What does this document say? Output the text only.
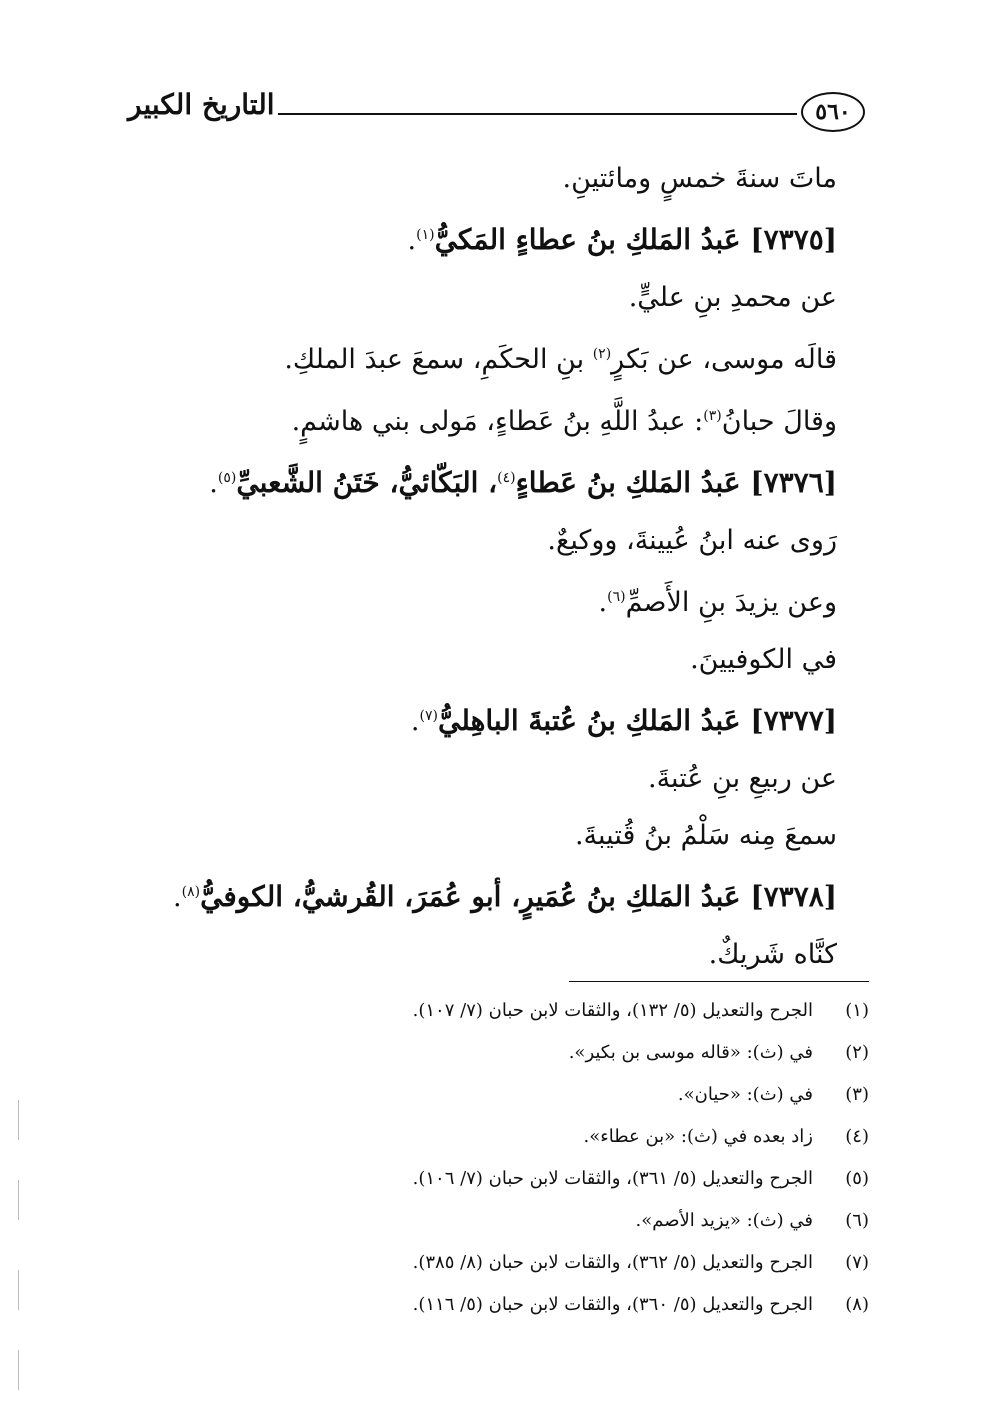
٥٦٠
التاريخ الكبير
ماتَ سنةَ خمسٍ ومائتينِ.
[٧٣٧٥] عَبدُ المَلكِ بنُ عطاءٍ المَكيُّ$^{(١)}$.
عن محمدِ بنِ عليٍّ.
قالَه موسى، عن بَكرٍ$^{(٢)}$ بنِ الحكَمِ، سمعَ عبدَ الملكِ.
وقالَ حبانُ$^{(٣)}$: عبدُ اللَّهِ بنُ عَطاءٍ، مَولى بني هاشمٍ.
[٧٣٧٦] عَبدُ المَلكِ بنُ عَطاءٍ$^{(٤)}$، البَكّائيُّ، خَتَنُ الشَّعبيِّ$^{(٥)}$.
رَوى عنه ابنُ عُيينةَ، ووكيعٌ.
وعن يزيدَ بنِ الأَصمِّ$^{(٦)}$.
في الكوفيينَ.
[٧٣٧٧] عَبدُ المَلكِ بنُ عُتبةَ الباهِليُّ$^{(٧)}$.
عن ربيعِ بنِ عُتبةَ.
سمعَ مِنه سَلْمُ بنُ قُتيبةَ.
[٧٣٧٨] عَبدُ المَلكِ بنُ عُمَيرٍ، أبو عُمَرَ، القُرشيُّ، الكوفيُّ$^{(٨)}$.
كنَّاه شَريكٌ.
(١)الجرح والتعديل (٥/ ١٣٢)، والثقات لابن حبان (٧/ ١٠٧).
(٢)في (ث): «قاله موسى بن بكير».
(٣)في (ث): «حيان».
(٤)زاد بعده في (ث): «بن عطاء».
(٥)الجرح والتعديل (٥/ ٣٦١)، والثقات لابن حبان (٧/ ١٠٦).
(٦)في (ث): «يزيد الأصم».
(٧)الجرح والتعديل (٥/ ٣٦٢)، والثقات لابن حبان (٨/ ٣٨٥).
(٨)الجرح والتعديل (٥/ ٣٦٠)، والثقات لابن حبان (٥/ ١١٦).
